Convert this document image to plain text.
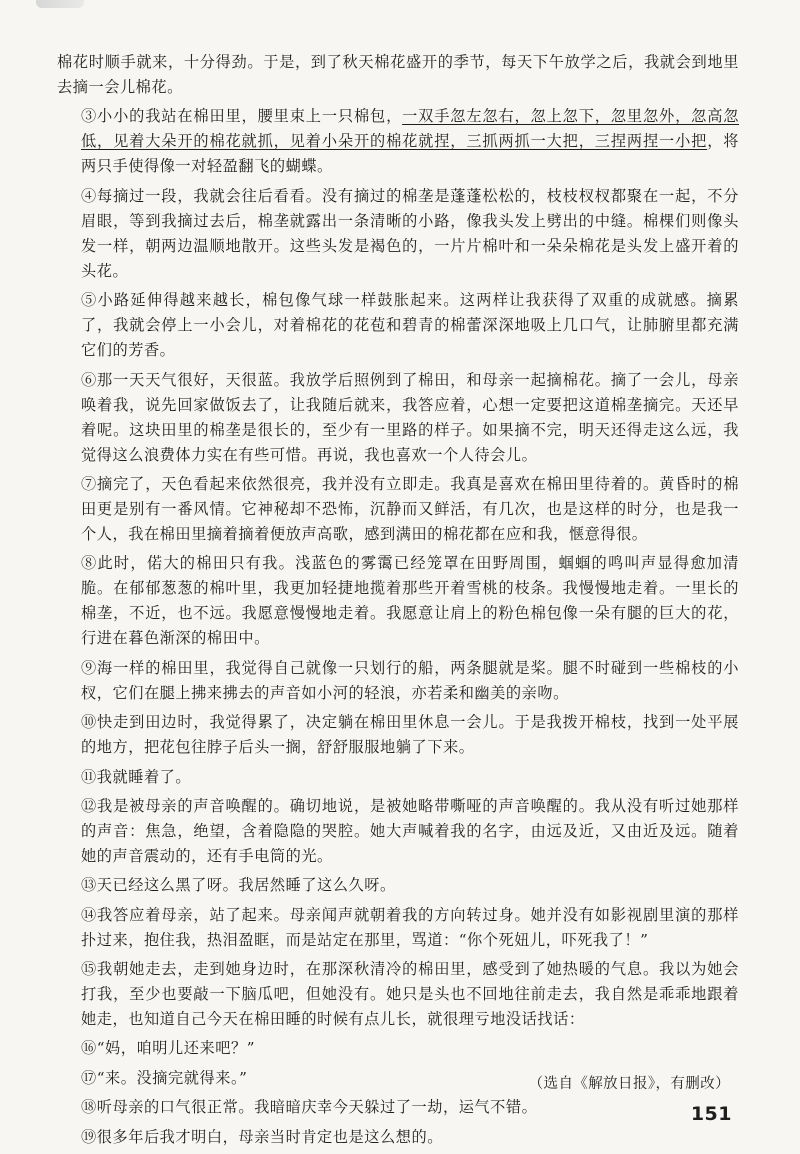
棉花时顺手就来，十分得劲。于是，到了秋天棉花盛开的季节，每天下午放学之后，我就会到地里去摘一会儿棉花。

③小小的我站在棉田里，腰里束上一只棉包，一双手忽左忽右，忽上忽下，忽里忽外，忽高忽低，见着大朵开的棉花就抓，见着小朵开的棉花就捏，三抓两抓一大把，三捏两捏一小把，将两只手使得像一对轻盈翻飞的蝴蝶。

④每摘过一段，我就会往后看看。没有摘过的棉垄是蓬蓬松松的，枝枝杈杈都聚在一起，不分眉眼，等到我摘过去后，棉垄就露出一条清晰的小路，像我头发上劈出的中缝。棉棵们则像头发一样，朝两边温顺地散开。这些头发是褐色的，一片片棉叶和一朵朵棉花是头发上盛开着的头花。

⑤小路延伸得越来越长，棉包像气球一样鼓胀起来。这两样让我获得了双重的成就感。摘累了，我就会停上一小会儿，对着棉花的花苞和碧青的棉蕾深深地吸上几口气，让肺腑里都充满它们的芳香。

⑥那一天天气很好，天很蓝。我放学后照例到了棉田，和母亲一起摘棉花。摘了一会儿，母亲唤着我，说先回家做饭去了，让我随后就来，我答应着，心想一定要把这道棉垄摘完。天还早着呢。这块田里的棉垄是很长的，至少有一里路的样子。如果摘不完，明天还得走这么远，我觉得这么浪费体力实在有些可惜。再说，我也喜欢一个人待会儿。

⑦摘完了，天色看起来依然很亮，我并没有立即走。我真是喜欢在棉田里待着的。黄昏时的棉田更是别有一番风情。它神秘却不恐怖，沉静而又鲜活，有几次，也是这样的时分，也是我一个人，我在棉田里摘着摘着便放声高歌，感到满田的棉花都在应和我，惬意得很。

⑧此时，偌大的棉田只有我。浅蓝色的雾霭已经笼罩在田野周围，蝈蝈的鸣叫声显得愈加清脆。在郁郁葱葱的棉叶里，我更加轻捷地揽着那些开着雪桃的枝条。我慢慢地走着。一里长的棉垄，不近，也不远。我愿意慢慢地走着。我愿意让肩上的粉色棉包像一朵有腿的巨大的花，行进在暮色渐深的棉田中。

⑨海一样的棉田里，我觉得自己就像一只划行的船，两条腿就是桨。腿不时碰到一些棉枝的小杈，它们在腿上拂来拂去的声音如小河的轻浪，亦若柔和幽美的亲吻。

⑩快走到田边时，我觉得累了，决定躺在棉田里休息一会儿。于是我拨开棉枝，找到一处平展的地方，把花包往脖子后头一搁，舒舒服服地躺了下来。

⑪我就睡着了。

⑫我是被母亲的声音唤醒的。确切地说，是被她略带嘶哑的声音唤醒的。我从没有听过她那样的声音：焦急，绝望，含着隐隐的哭腔。她大声喊着我的名字，由远及近，又由近及远。随着她的声音震动的，还有手电筒的光。

⑬天已经这么黑了呀。我居然睡了这么久呀。

⑭我答应着母亲，站了起来。母亲闻声就朝着我的方向转过身。她并没有如影视剧里演的那样扑过来，抱住我，热泪盈眶，而是站定在那里，骂道：“你个死妞儿，吓死我了！”

⑮我朝她走去，走到她身边时，在那深秋清冷的棉田里，感受到了她热暖的气息。我以为她会打我，至少也要敲一下脑瓜吧，但她没有。她只是头也不回地往前走去，我自然是乖乖地跟着她走，也知道自己今天在棉田睡的时候有点儿长，就很理亏地没话找话：

⑯“妈，咱明儿还来吧？”

⑰“来。没摘完就得来。”

⑱听母亲的口气很正常。我暗暗庆幸今天躲过了一劫，运气不错。

⑲很多年后我才明白，母亲当时肯定也是这么想的。

（选自《解放日报》，有删改）
151
